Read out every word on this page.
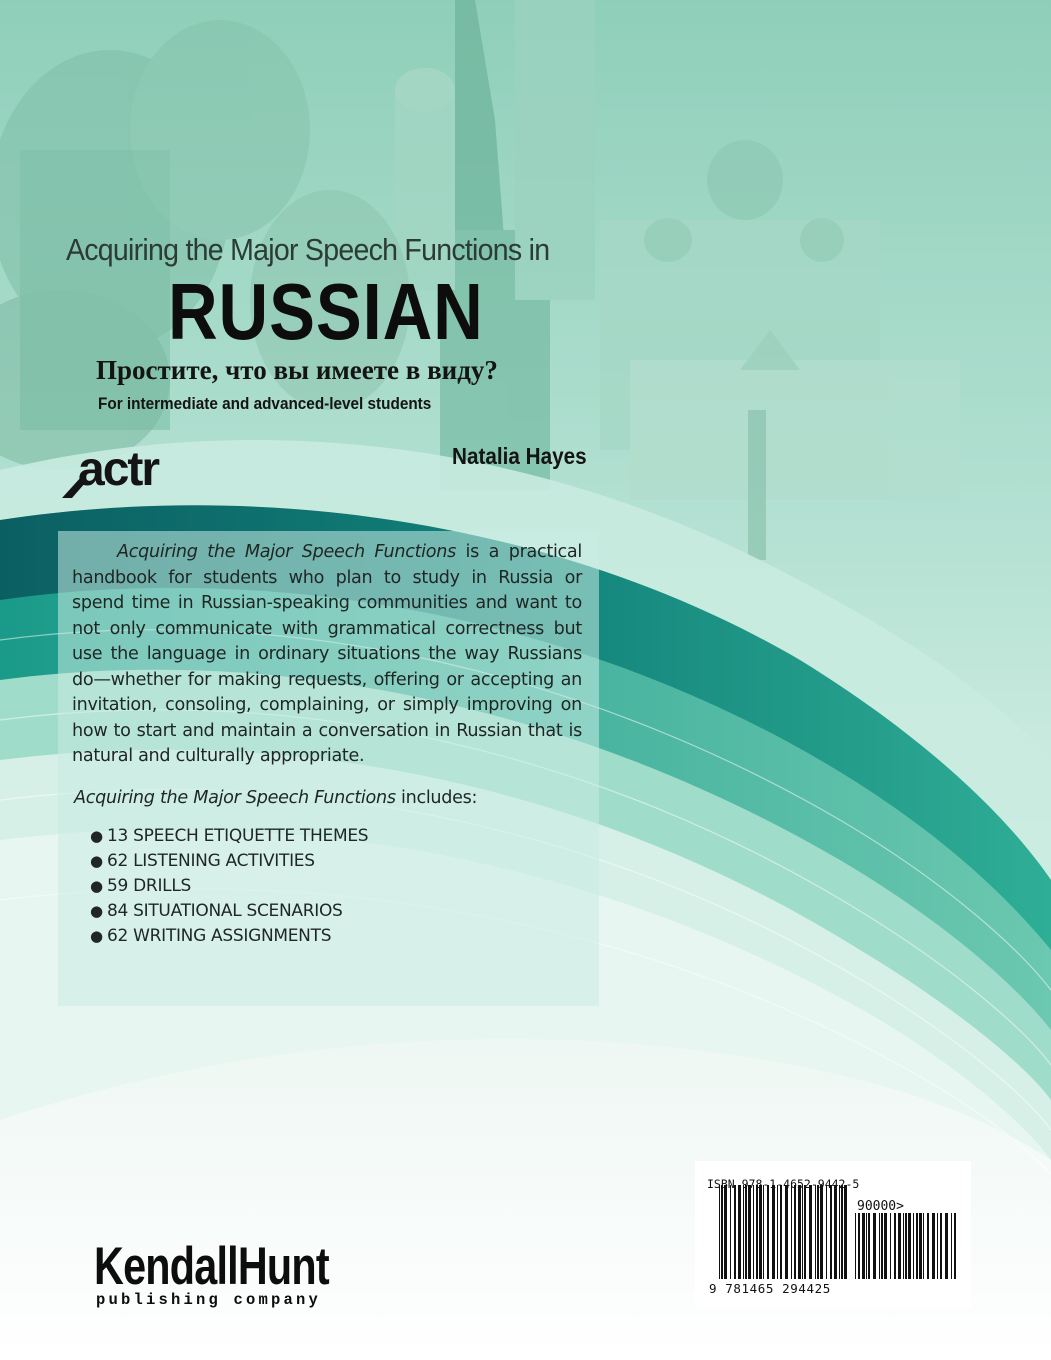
Acquiring the Major Speech Functions in
RUSSIAN
Простите, что вы имеете в виду?
For intermediate and advanced-level students
Natalia Hayes
actr

Acquiring the Major Speech Functions is a practical handbook for students who plan to study in Russia or spend time in Russian-speaking communities and want to not only communicate with grammatical correctness but use the language in ordinary situations the way Russians do—whether for making requests, offering or accepting an invitation, consoling, complaining, or simply improving on how to start and maintain a conversation in Russian that is natural and culturally appropriate.

Acquiring the Major Speech Functions includes:
● 13 SPEECH ETIQUETTE THEMES
● 62 LISTENING ACTIVITIES
● 59 DRILLS
● 84 SITUATIONAL SCENARIOS
● 62 WRITING ASSIGNMENTS
ISBN 978-1-4652-9442-5
90000>
9 781465 294425
KendallHunt
publishing company
